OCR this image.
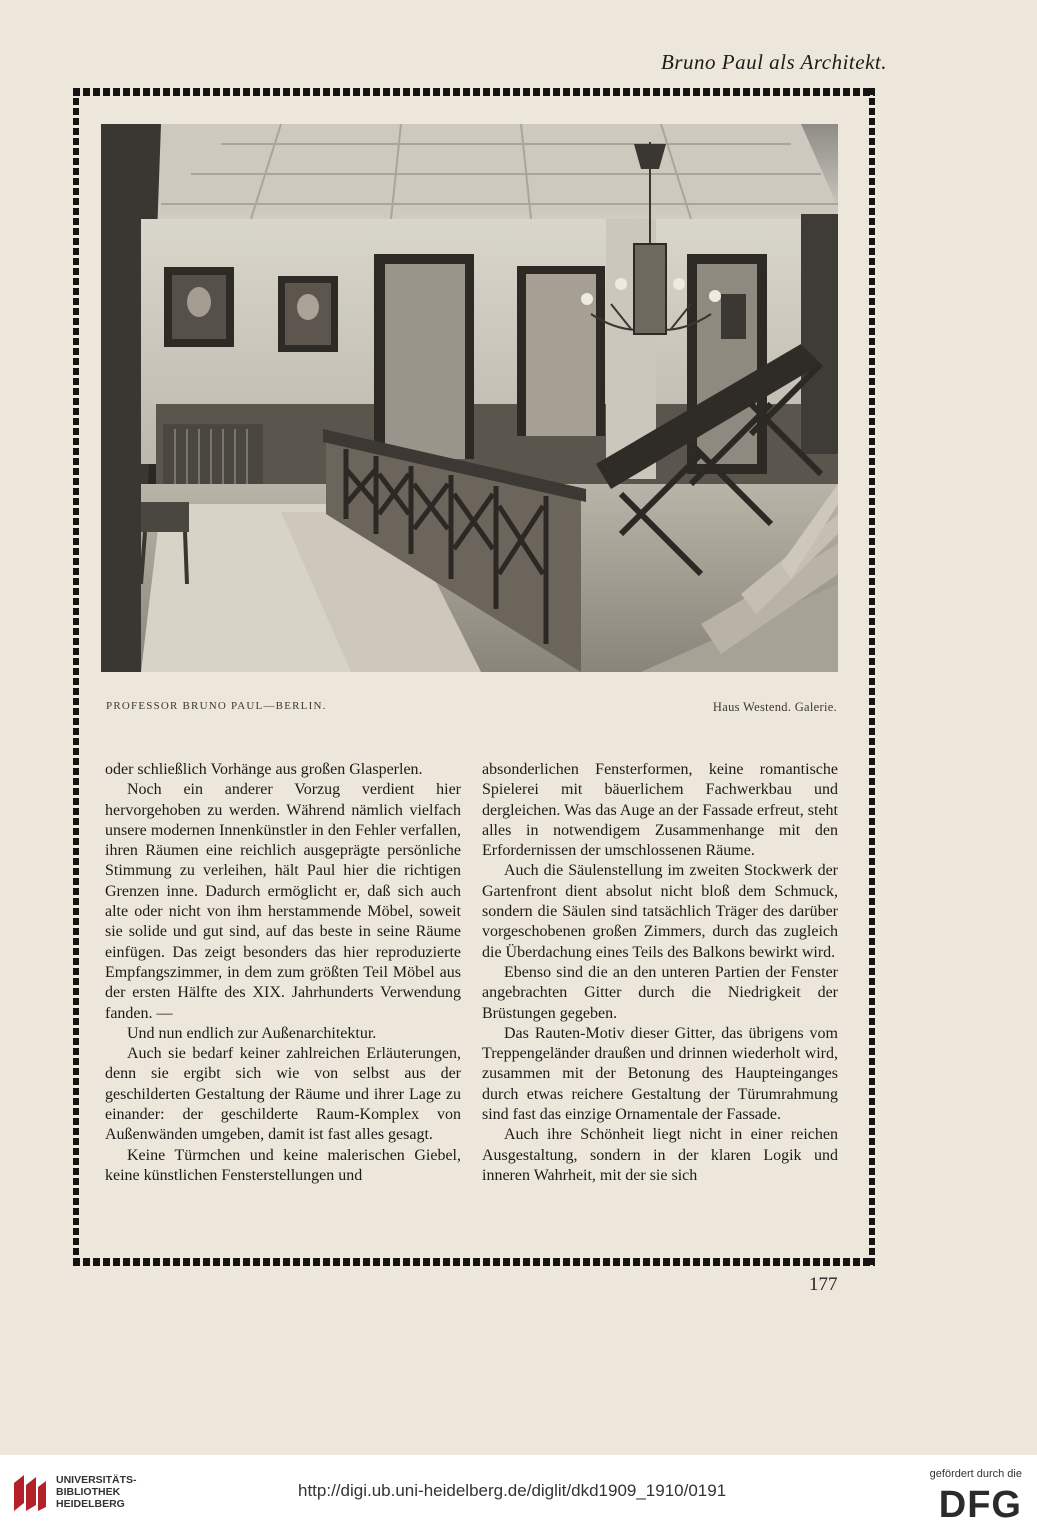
Bruno Paul als Architekt.
PROFESSOR BRUNO PAUL—BERLIN.	Haus Westend. Galerie.

oder schließlich Vorhänge aus großen Glasperlen.

Noch ein anderer Vorzug verdient hier hervorgehoben zu werden. Während nämlich vielfach unsere modernen Innenkünstler in den Fehler verfallen, ihren Räumen eine reichlich ausgeprägte persönliche Stimmung zu verleihen, hält Paul hier die richtigen Grenzen inne. Dadurch ermöglicht er, daß sich auch alte oder nicht von ihm herstammende Möbel, soweit sie solide und gut sind, auf das beste in seine Räume einfügen. Das zeigt besonders das hier reproduzierte Empfangszimmer, in dem zum größten Teil Möbel aus der ersten Hälfte des XIX. Jahrhunderts Verwendung fanden. —

Und nun endlich zur Außenarchitektur.

Auch sie bedarf keiner zahlreichen Erläuterungen, denn sie ergibt sich wie von selbst aus der geschilderten Gestaltung der Räume und ihrer Lage zu einander: der geschilderte Raum-Komplex von Außenwänden umgeben, damit ist fast alles gesagt.

Keine Türmchen und keine malerischen Giebel, keine künstlichen Fensterstellungen und

absonderlichen Fensterformen, keine romantische Spielerei mit bäuerlichem Fachwerkbau und dergleichen. Was das Auge an der Fassade erfreut, steht alles in notwendigem Zusammenhange mit den Erfordernissen der umschlossenen Räume.

Auch die Säulenstellung im zweiten Stockwerk der Gartenfront dient absolut nicht bloß dem Schmuck, sondern die Säulen sind tatsächlich Träger des darüber vorgeschobenen großen Zimmers, durch das zugleich die Überdachung eines Teils des Balkons bewirkt wird.

Ebenso sind die an den unteren Partien der Fenster angebrachten Gitter durch die Niedrigkeit der Brüstungen gegeben.

Das Rauten-Motiv dieser Gitter, das übrigens vom Treppengeländer draußen und drinnen wiederholt wird, zusammen mit der Betonung des Haupteinganges durch etwas reichere Gestaltung der Türumrahmung sind fast das einzige Ornamentale der Fassade.

Auch ihre Schönheit liegt nicht in einer reichen Ausgestaltung, sondern in der klaren Logik und inneren Wahrheit, mit der sie sich

177
UNIVERSITÄTS-
BIBLIOTHEK
HEIDELBERG
http://digi.ub.uni-heidelberg.de/diglit/dkd1909_1910/0191
gefördert durch die
DFG
